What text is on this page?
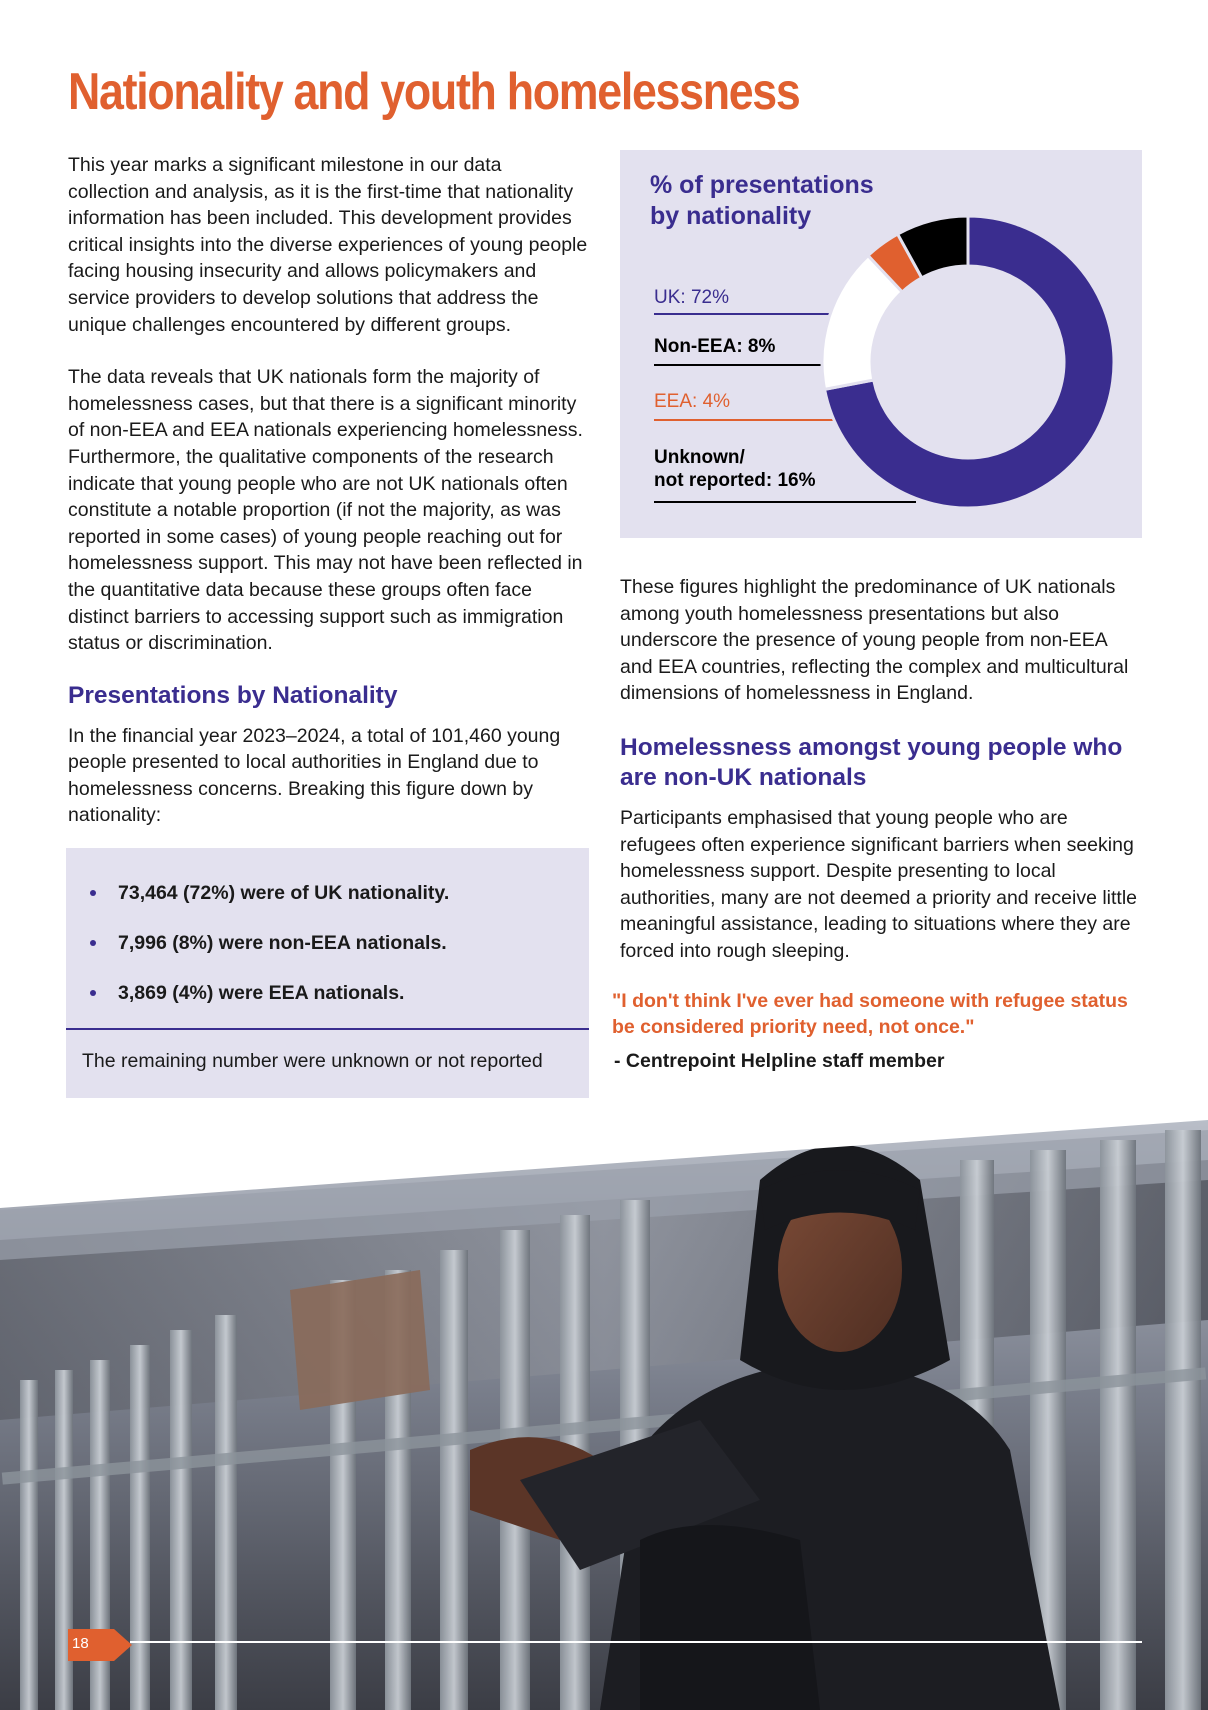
Nationality and youth homelessness

This year marks a significant milestone in our data collection and analysis, as it is the first-time that nationality information has been included. This development provides critical insights into the diverse experiences of young people facing housing insecurity and allows policymakers and service providers to develop solutions that address the unique challenges encountered by different groups.

The data reveals that UK nationals form the majority of homelessness cases, but that there is a significant minority of non-EEA and EEA nationals experiencing homelessness. Furthermore, the qualitative components of the research indicate that young people who are not UK nationals often constitute a notable proportion (if not the majority, as was reported in some cases) of young people reaching out for homelessness support. This may not have been reflected in the quantitative data because these groups often face distinct barriers to accessing support such as immigration status or discrimination.

Presentations by Nationality

In the financial year 2023–2024, a total of 101,460 young people presented to local authorities in England due to homelessness concerns. Breaking this figure down by nationality:

73,464 (72%) were of UK nationality.
7,996 (8%) were non-EEA nationals.
3,869 (4%) were EEA nationals.
The remaining number were unknown or not reported
% of presentations
by nationality
UK: 72%
Non-EEA: 8%
EEA: 4%
Unknown/
not reported: 16%

These figures highlight the predominance of UK nationals among youth homelessness presentations but also underscore the presence of young people from non-EEA and EEA countries, reflecting the complex and multicultural dimensions of homelessness in England.

Homelessness amongst young people who are non-UK nationals

Participants emphasised that young people who are refugees often experience significant barriers when seeking homelessness support. Despite presenting to local authorities, many are not deemed a priority and receive little meaningful assistance, leading to situations where they are forced into rough sleeping.

"I don't think I've ever had someone with refugee status be considered priority need, not once."

- Centrepoint Helpline staff member
18
